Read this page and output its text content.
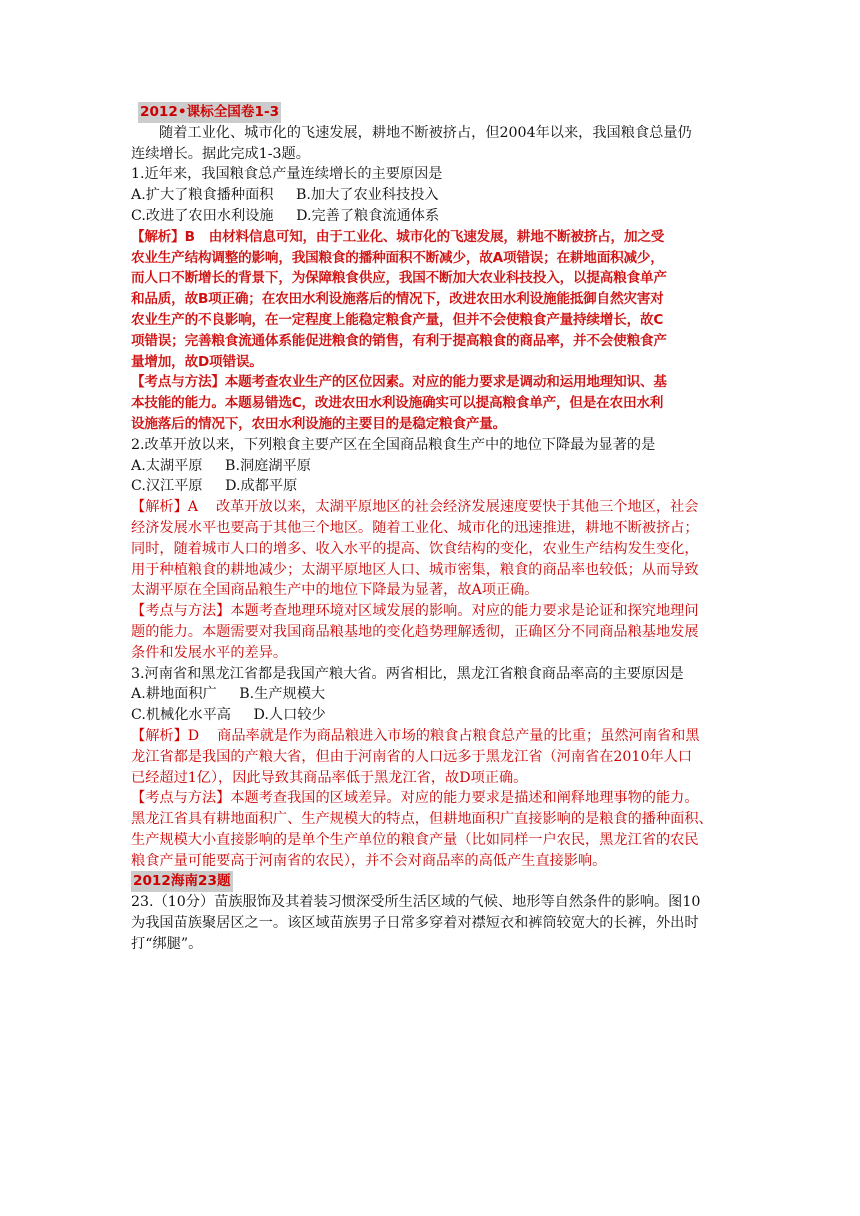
2012•课标全国卷1-3
随着工业化、城市化的飞速发展，耕地不断被挤占，但2004年以来，我国粮食总量仍
连续增长。据此完成1-3题。
1.近年来，我国粮食总产量连续增长的主要原因是
A.扩大了粮食播种面积     B.加大了农业科技投入
C.改进了农田水利设施     D.完善了粮食流通体系
【解析】B 由材料信息可知，由于工业化、城市化的飞速发展，耕地不断被挤占，加之受
农业生产结构调整的影响，我国粮食的播种面积不断减少，故A项错误；在耕地面积减少，
而人口不断增长的背景下，为保障粮食供应，我国不断加大农业科技投入，以提高粮食单产
和品质，故B项正确；在农田水利设施落后的情况下，改进农田水利设施能抵御自然灾害对
农业生产的不良影响，在一定程度上能稳定粮食产量，但并不会使粮食产量持续增长，故C
项错误；完善粮食流通体系能促进粮食的销售，有利于提高粮食的商品率，并不会使粮食产
量增加，故D项错误。
【考点与方法】本题考查农业生产的区位因素。对应的能力要求是调动和运用地理知识、基
本技能的能力。本题易错选C，改进农田水利设施确实可以提高粮食单产，但是在农田水利
设施落后的情况下，农田水利设施的主要目的是稳定粮食产量。
2.改革开放以来，下列粮食主要产区在全国商品粮食生产中的地位下降最为显著的是
A.太湖平原     B.洞庭湖平原
C.汉江平原     D.成都平原
【解析】A 改革开放以来，太湖平原地区的社会经济发展速度要快于其他三个地区，社会
经济发展水平也要高于其他三个地区。随着工业化、城市化的迅速推进，耕地不断被挤占；
同时，随着城市人口的增多、收入水平的提高、饮食结构的变化，农业生产结构发生变化，
用于种植粮食的耕地减少；太湖平原地区人口、城市密集，粮食的商品率也较低；从而导致
太湖平原在全国商品粮生产中的地位下降最为显著，故A项正确。
【考点与方法】本题考查地理环境对区域发展的影响。对应的能力要求是论证和探究地理问
题的能力。本题需要对我国商品粮基地的变化趋势理解透彻，正确区分不同商品粮基地发展
条件和发展水平的差异。
3.河南省和黑龙江省都是我国产粮大省。两省相比，黑龙江省粮食商品率高的主要原因是
A.耕地面积广     B.生产规模大
C.机械化水平高     D.人口较少
【解析】D 商品率就是作为商品粮进入市场的粮食占粮食总产量的比重；虽然河南省和黑
龙江省都是我国的产粮大省，但由于河南省的人口远多于黑龙江省（河南省在2010年人口
已经超过1亿），因此导致其商品率低于黑龙江省，故D项正确。
【考点与方法】本题考查我国的区域差异。对应的能力要求是描述和阐释地理事物的能力。
黑龙江省具有耕地面积广、生产规模大的特点，但耕地面积广直接影响的是粮食的播种面积、
生产规模大小直接影响的是单个生产单位的粮食产量（比如同样一户农民，黑龙江省的农民
粮食产量可能要高于河南省的农民），并不会对商品率的高低产生直接影响。
2012海南23题
23.（10分）苗族服饰及其着装习惯深受所生活区域的气候、地形等自然条件的影响。图10
为我国苗族聚居区之一。该区域苗族男子日常多穿着对襟短衣和裤筒较宽大的长裤，外出时
打“绑腿”。
